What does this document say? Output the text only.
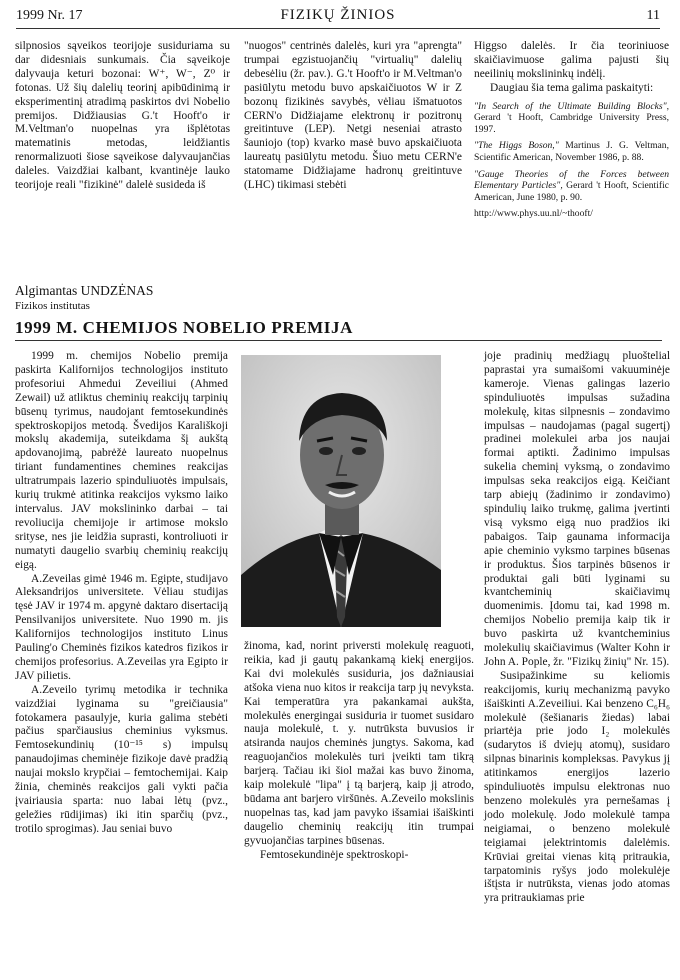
1999 Nr. 17	FIZIKŲ ŽINIOS	11

silpnosios sąveikos teorijoje susiduriama su dar didesniais sunkumais. Čia sąveikoje dalyvauja keturi bozonai: W⁺, W⁻, Z⁰ ir fotonas. Už šių dalelių teorinį apibūdinimą ir eksperimentinį atradimą paskirtos dvi Nobelio premijos. Didžiausias G.'t Hooft'o ir M.Veltman'o nuopelnas yra išplėtotas matematinis metodas, leidžiantis renormalizuoti šiose sąveikose dalyvaujančias daleles. Vaizdžiai kalbant, kvantinėje lauko teorijoje reali "fizikinė" dalelė susideda iš

"nuogos" centrinės dalelės, kuri yra "aprengta" trumpai egzistuojančių "virtualių" dalelių debesėliu (žr. pav.). G.'t Hooft'o ir M.Veltman'o pasiūlytu metodu buvo apskaičiuotos W ir Z bozonų fizikinės savybės, vėliau išmatuotos CERN'o Didžiajame elektronų ir pozitronų greitintuve (LEP). Netgi neseniai atrasto šauniojo (top) kvarko masė buvo apskaičiuota laureatų pasiūlytu metodu. Šiuo metu CERN'e statomame Didžiajame hadronų greitintuve (LHC) tikimasi stebėti

Higgso dalelės. Ir čia teoriniuose skaičiavimuose galima pajusti šių neeilinių mokslininkų indėlį.

Daugiau šia tema galima paskaityti:

"In Search of the Ultimate Building Blocks", Gerard 't Hooft, Cambridge University Press, 1997.

"The Higgs Boson," Martinus J. G. Veltman, Scientific American, November 1986, p. 88.

"Gauge Theories of the Forces between Elementary Particles", Gerard 't Hooft, Scientific American, June 1980, p. 90.

http://www.phys.uu.nl/~thooft/

Algimantas UNDZĖNAS
Fizikos institutas
1999 M. CHEMIJOS NOBELIO PREMIJA

1999 m. chemijos Nobelio premija paskirta Kalifornijos technologijos instituto profesoriui Ahmedui Zeveiliui (Ahmed Zewail) už atliktus cheminių reakcijų tarpinių būsenų tyrimus, naudojant femtosekundinės spektroskopijos metodą. Švedijos Karališkoji mokslų akademija, suteikdama šį aukštą apdovanojimą, pabrėžė laureato nuopelnus tiriant fundamentines chemines reakcijas ultratrumpais lazerio spinduliuotės impulsais, kurių trukmė atitinka reakcijos vyksmo laiko intervalus. JAV mokslininko darbai – tai revoliucija chemijoje ir artimose mokslo srityse, nes jie leidžia suprasti, kontroliuoti ir numatyti daugelio svarbių cheminių reakcijų eigą.

A.Zeveilas gimė 1946 m. Egipte, studijavo Aleksandrijos universitete. Vėliau studijas tęsė JAV ir 1974 m. apgynė daktaro disertaciją Pensilvanijos universitete. Nuo 1990 m. jis Kalifornijos technologijos instituto Linus Pauling'o Cheminės fizikos katedros fizikos ir chemijos profesorius. A.Zeveilas yra Egipto ir JAV pilietis.

A.Zeveilo tyrimų metodika ir technika vaizdžiai lyginama su "greičiausia" fotokamera pasaulyje, kuria galima stebėti pačius sparčiausius cheminius vyksmus. Femtosekundinių (10⁻¹⁵ s) impulsų panaudojimas cheminėje fizikoje davė pradžią naujai mokslo krypčiai – femtochemijai. Kaip žinia, cheminės reakcijos gali vykti pačia įvairiausia sparta: nuo labai lėtų (pvz., geležies rūdijimas) iki itin sparčių (pvz., trotilo sprogimas). Jau seniai buvo

žinoma, kad, norint priversti molekulę reaguoti, reikia, kad ji gautų pakankamą kiekį energijos. Kai dvi molekulės susiduria, jos dažniausiai atšoka viena nuo kitos ir reakcija tarp jų nevyksta. Kai temperatūra yra pakankamai aukšta, molekulės energingai susiduria ir tuomet susidaro nauja molekulė, t. y. nutrūksta buvusios ir atsiranda naujos cheminės jungtys. Sakoma, kad reaguojančios molekulės turi įveikti tam tikrą barjerą. Tačiau iki šiol mažai kas buvo žinoma, kaip molekulė "lipa" į tą barjerą, kaip jį atrodo, būdama ant barjero viršūnės. A.Zeveilo mokslinis nuopelnas tas, kad jam pavyko išsamiai išaiškinti daugelio cheminių reakcijų itin trumpai gyvuojančias tarpines būsenas.

Femtosekundinėje spektroskopi-

joje pradinių medžiagų pluoštelial paprastai yra sumaišomi vakuuminėje kameroje. Vienas galingas lazerio spinduliuotės impulsas sužadina molekulę, kitas silpnesnis – zondavimo impulsas – naudojamas (pagal sugertį) pradinei molekulei arba jos naujai formai aptikti. Žadinimo impulsas sukelia cheminį vyksmą, o zondavimo impulsas seka reakcijos eigą. Keičiant tarp abiejų (žadinimo ir zondavimo) spindulių laiko trukmę, galima įvertinti visą vyksmo eigą nuo pradžios iki pabaigos. Taip gaunama informacija apie cheminio vyksmo tarpines būsenas ir produktus. Šios tarpinės būsenos ir produktai gali būti lyginami su kvantcheminių skaičiavimų duomenimis. Įdomu tai, kad 1998 m. chemijos Nobelio premija kaip tik ir buvo paskirta už kvantcheminius molekulių skaičiavimus (Walter Kohn ir John A. Pople, žr. "Fizikų žinių" Nr. 15).

Susipažinkime su keliomis reakcijomis, kurių mechanizmą pavyko išaiškinti A.Zeveiliui. Kai benzeno C₆H₆ molekulė (šešianaris žiedas) labai priartėja prie jodo I₂ molekulės (sudarytos iš dviejų atomų), susidaro silpnas binarinis kompleksas. Pavykus jį atitinkamos energijos lazerio spinduliuotės impulsu elektronas nuo benzeno molekulės yra pernešamas į jodo molekulę. Jodo molekulė tampa neigiamai, o benzeno molekulė teigiamai įelektrintomis dalelėmis. Krūviai greitai vienas kitą pritraukia, tarpatominis ryšys jodo molekulėje ištįsta ir nutrūksta, vienas jodo atomas yra pritraukiamas prie
